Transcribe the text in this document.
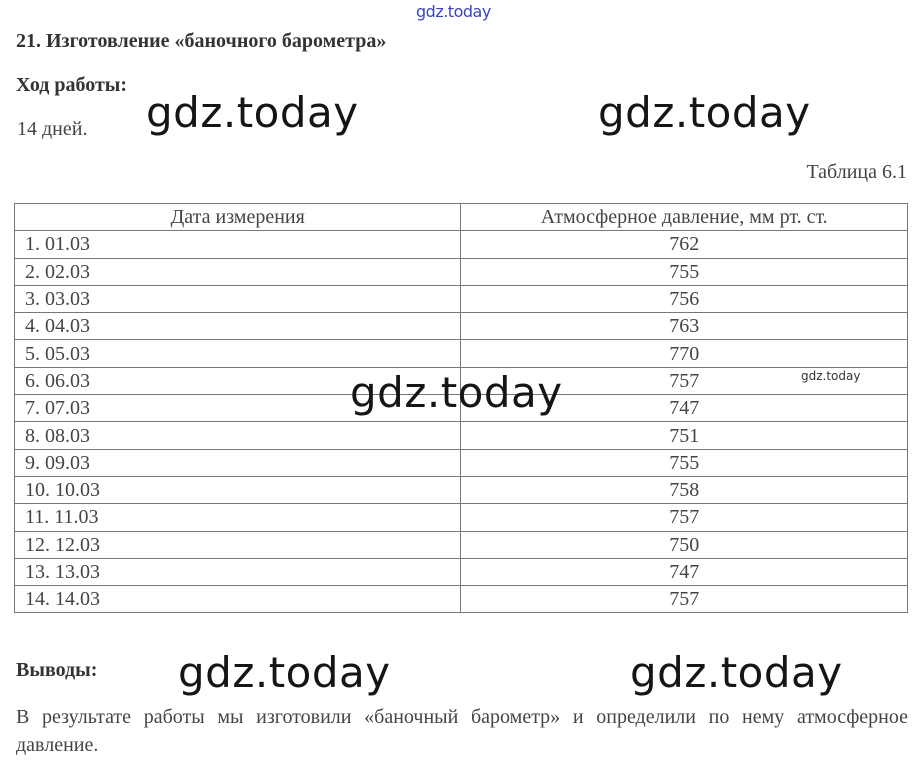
gdz.today
21. Изготовление «баночного барометра»
Ход работы:
14 дней. gdz.today	gdz.today
Таблица 6.1
Дата измерения	Атмосферное давление, мм рт. ст.
1. 01.03	762
2. 02.03	755
3. 03.03	756
4. 04.03	763
5. 05.03	770
6. 06.03	757
7. 07.03	747
8. 08.03	751
9. 09.03	755
10. 10.03	758
11. 11.03	757
12. 12.03	750
13. 13.03	747
14. 14.03	757
gdz.today	gdz.today
Выводы: gdz.today	gdz.today
В результате работы мы изготовили «баночный барометр» и определили по нему атмосферное давление.
